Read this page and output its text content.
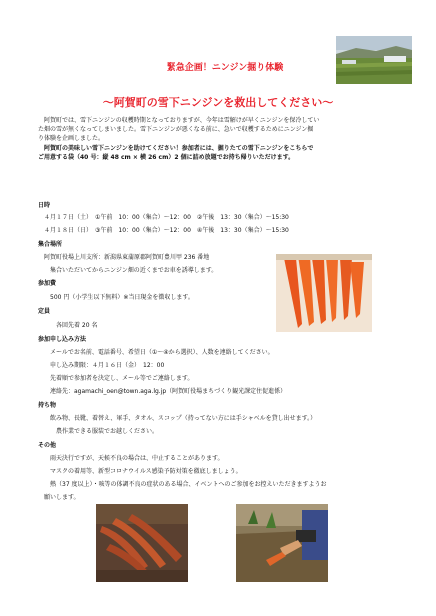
緊急企画！ニンジン掘り体験
～阿賀町の雪下ニンジンを救出してください～
阿賀町では、雪下ニンジンの収穫時期となっておりますが、今年は雪解けが早くニンジンを保冷してい
た畑の雪が無くなってしまいました。雪下ニンジンが悪くなる前に、急いで収穫するためにニンジン掘
り体験を企画しました。
阿賀町の美味しい雪下ニンジンを助けてください！参加者には、掘りたての雪下ニンジンをこちらで
ご用意する袋（40 号：縦 48 cm × 横 26 cm）2 個に詰め放題でお持ち帰りいただけます。
日時
４月１７日（土）　①午前　10：00（集合）～12：00　②午後　13：30（集合）～15:30
４月１８日（日）　③午前　10：00（集合）～12：00　④午後　13：30（集合）～15:30
集合場所
阿賀町役場上川支所：新潟県東蒲原郡阿賀町豊川甲 236 番地
集合いただいてからニンジン畑の近くまでお車を誘導します。
参加費
500 円（小学生以下無料）※当日現金を徴収します。
定員
各回先着 20 名
参加申し込み方法
メールでお名前、電話番号、希望日（①～④から選択）、人数を連絡してください。
申し込み期限：４月１６日（金）　12：00
先着順で参加者を決定し、メール等でご連絡します。
連絡先：agamachi_oen@town.aga.lg.jp（阿賀町役場まちづくり観光課定住促進係）
持ち物
飲み物、長靴、着替え、軍手、タオル、スコップ（持ってない方には手シャベルを貸し出せます。）
農作業できる服装でお越しください。
その他
雨天決行ですが、天候不良の場合は、中止することがあります。
マスクの着用等、新型コロナウイルス感染予防対策を徹底しましょう。
熱（37 度以上）・咳等の体調不良の症状のある場合、イベントへのご参加をお控えいただきますようお
願いします。
